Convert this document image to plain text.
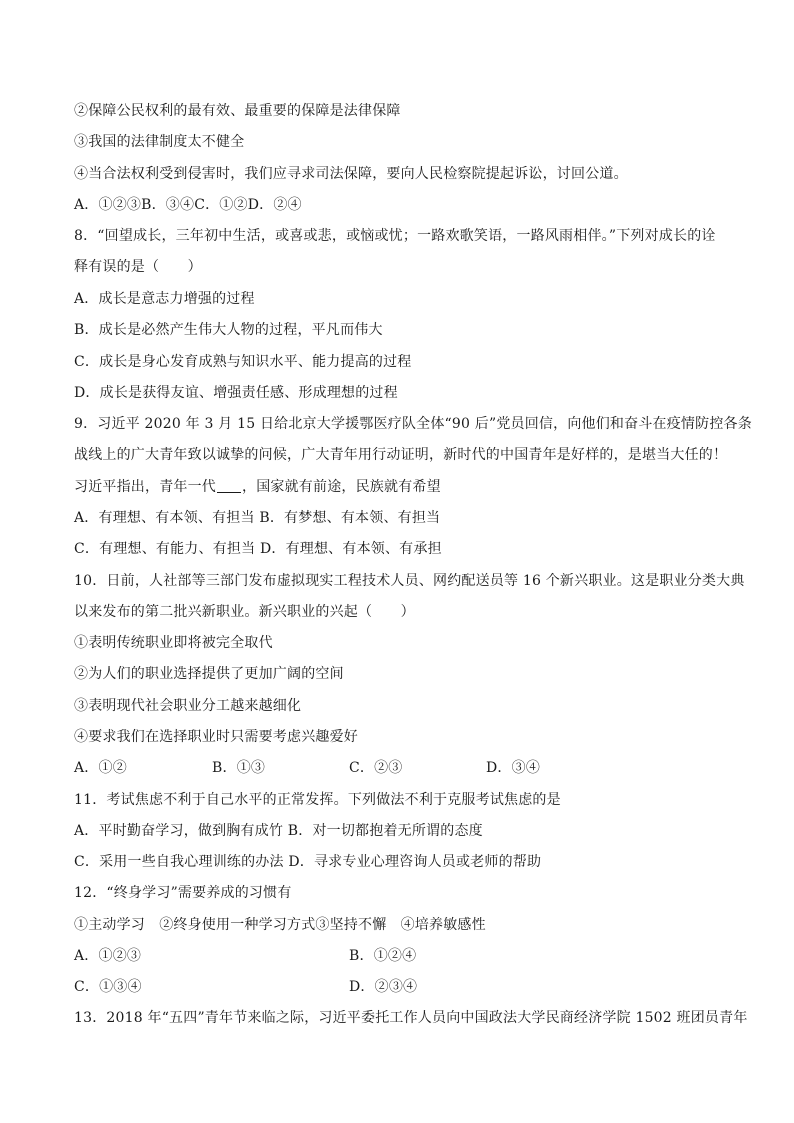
②保障公民权利的最有效、最重要的保障是法律保障
③我国的法律制度太不健全
④当合法权利受到侵害时，我们应寻求司法保障，要向人民检察院提起诉讼，讨回公道。
A．①②③B．③④C．①②D．②④
8．“回望成长，三年初中生活，或喜或悲，或恼或忧；一路欢歌笑语，一路风雨相伴。”下列对成长的诠
释有误的是（　　）
A．成长是意志力增强的过程
B．成长是必然产生伟大人物的过程，平凡而伟大
C．成长是身心发育成熟与知识水平、能力提高的过程
D．成长是获得友谊、增强责任感、形成理想的过程
9．习近平 2020 年 3 月 15 日给北京大学援鄂医疗队全体“90 后”党员回信，向他们和奋斗在疫情防控各条
战线上的广大青年致以诚挚的问候，广大青年用行动证明，新时代的中国青年是好样的，是堪当大任的！
习近平指出，青年一代 ，国家就有前途，民族就有希望
A．有理想、有本领、有担当 B．有梦想、有本领、有担当
C．有理想、有能力、有担当 D．有理想、有本领、有承担
10．日前，人社部等三部门发布虚拟现实工程技术人员、网约配送员等 16 个新兴职业。这是职业分类大典
以来发布的第二批兴新职业。新兴职业的兴起（　　）
①表明传统职业即将被完全取代
②为人们的职业选择提供了更加广阔的空间
③表明现代社会职业分工越来越细化
④要求我们在选择职业时只需要考虑兴趣爱好
A．①②	B．①③	C．②③	D．③④
11．考试焦虑不利于自己水平的正常发挥。下列做法不利于克服考试焦虑的是
A．平时勤奋学习，做到胸有成竹 B．对一切都抱着无所谓的态度
C．采用一些自我心理训练的办法 D．寻求专业心理咨询人员或老师的帮助
12．“终身学习”需要养成的习惯有
①主动学习　②终身使用一种学习方式③坚持不懈　④培养敏感性
A．①②③	B．①②④
C．①③④	D．②③④
13．2018 年“五四”青年节来临之际，习近平委托工作人员向中国政法大学民商经济学院 1502 班团员青年
